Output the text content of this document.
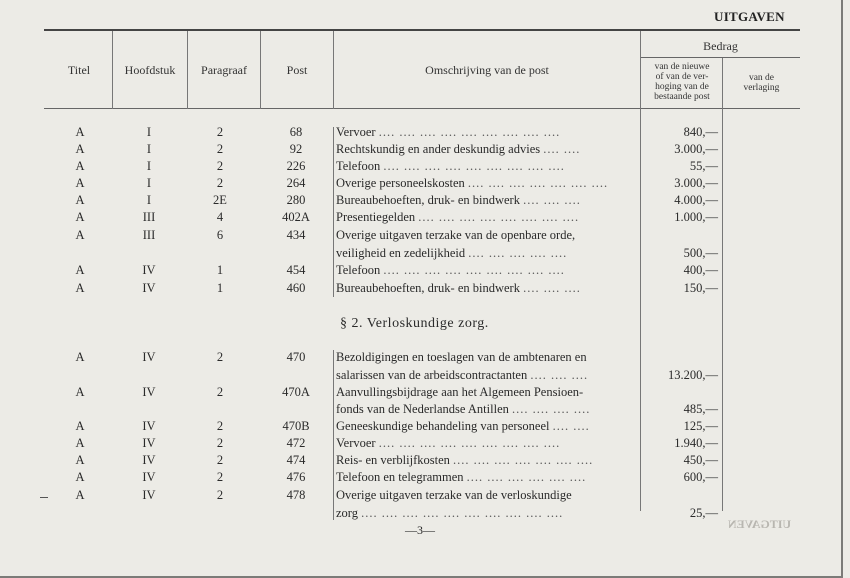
UITGAVEN
Titel	Hoofdstuk	Paragraaf	Post	Omschrijving van de post
Bedrag
van de nieuwe
of van de ver-
hoging van de
bestaande post
van de
verlaging
A	I	2	68	Vervoer .... .... .... .... .... .... .... .... ....	840,—
A	I	2	92	Rechtskundig en ander deskundig advies .... ....	3.000,—
A	I	2	226	Telefoon .... .... .... .... .... .... .... .... ....	55,—
A	I	2	264	Overige personeelskosten .... .... .... .... .... .... ....	3.000,—
A	I	2E	280	Bureaubehoeften, druk- en bindwerk .... .... ....	4.000,—
A	III	4	402A	Presentiegelden .... .... .... .... .... .... .... ....	1.000,—
A	III	6	434	Overige uitgaven terzake van de openbare orde,
veiligheid en zedelijkheid .... .... .... .... ....	500,—
A	IV	1	454	Telefoon .... .... .... .... .... .... .... .... ....	400,—
A	IV	1	460	Bureaubehoeften, druk- en bindwerk .... .... ....	150,—
§ 2. Verloskundige zorg.
A	IV	2	470	Bezoldigingen en toeslagen van de ambtenaren en
salarissen van de arbeidscontractanten .... .... ....	13.200,—
A	IV	2	470A	Aanvullingsbijdrage aan het Algemeen Pensioen-
fonds van de Nederlandse Antillen .... .... .... ....	485,—
A	IV	2	470B	Geneeskundige behandeling van personeel .... ....	125,—
A	IV	2	472	Vervoer .... .... .... .... .... .... .... .... ....	1.940,—
A	IV	2	474	Reis- en verblijfkosten .... .... .... .... .... .... ....	450,—
A	IV	2	476	Telefoon en telegrammen .... .... .... .... .... ....	600,—
A	IV	2	478	Overige uitgaven terzake van de verloskundige
zorg .... .... .... .... .... .... .... .... .... ....	25,—
—3—	UITGAVEN
